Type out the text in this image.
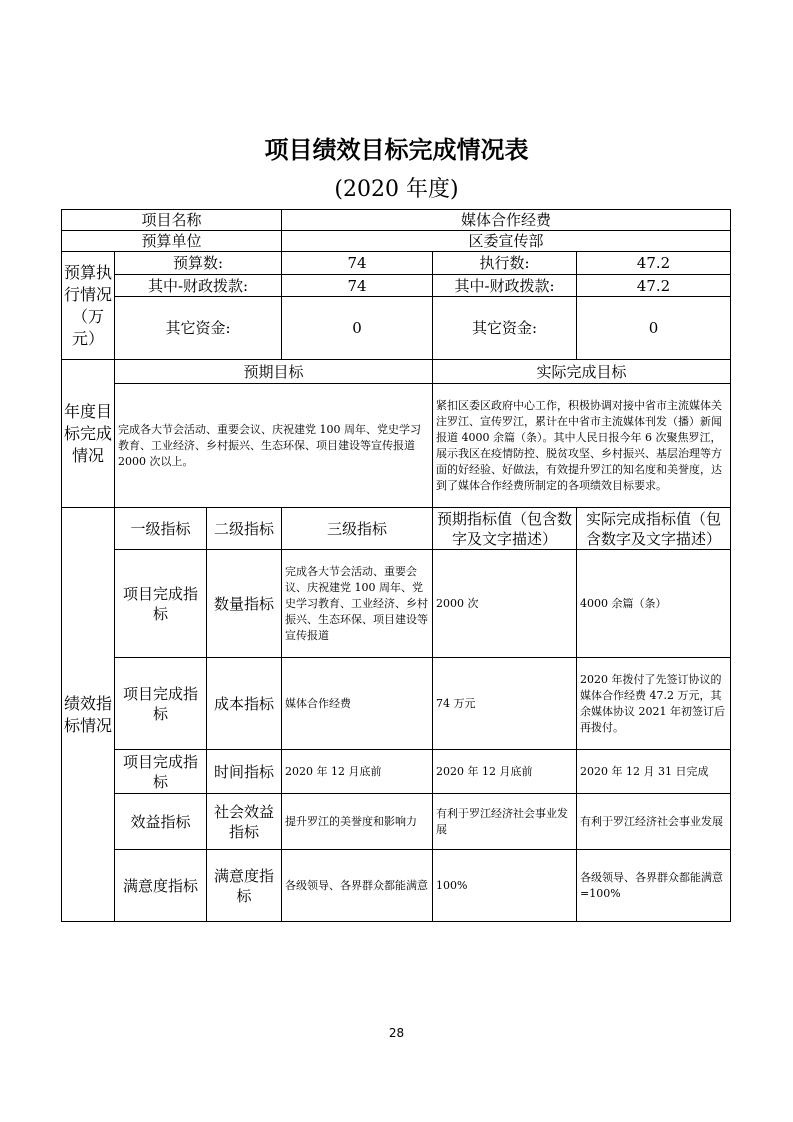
项目绩效目标完成情况表
(2020 年度)
项目名称			媒体合作经费		
预算单位			区委宣传部		
预算执行情况（万元）	预算数:		74	执行数:	47.2
	其中-财政拨款:		74	其中-财政拨款:	47.2
	其它资金:		0	其它资金:	0
年度目标完成情况	预期目标			实际完成目标	
	完成各大节会活动、重要会议、庆祝建党 100 周年、党史学习教育、工业经济、乡村振兴、生态环保、项目建设等宣传报道 2000 次以上。			紧扣区委区政府中心工作，积极协调对接中省市主流媒体关注罗江、宣传罗江，累计在中省市主流媒体刊发（播）新闻报道 4000 余篇（条）。其中人民日报今年 6 次聚焦罗江，展示我区在疫情防控、脱贫攻坚、乡村振兴、基层治理等方面的好经验、好做法，有效提升罗江的知名度和美誉度，达到了媒体合作经费所制定的各项绩效目标要求。	
绩效指标情况	一级指标	二级指标	三级指标	预期指标值（包含数字及文字描述）	实际完成指标值（包含数字及文字描述）
	项目完成指标	数量指标	完成各大节会活动、重要会议、庆祝建党 100 周年、党史学习教育、工业经济、乡村振兴、生态环保、项目建设等宣传报道	2000 次	4000 余篇（条）
	项目完成指标	成本指标	媒体合作经费	74 万元	2020 年拨付了先签订协议的媒体合作经费 47.2 万元，其余媒体协议 2021 年初签订后再拨付。
	项目完成指标	时间指标	2020 年 12 月底前	2020 年 12 月底前	2020 年 12 月 31 日完成
	效益指标	社会效益指标	提升罗江的美誉度和影响力	有利于罗江经济社会事业发展	有利于罗江经济社会事业发展
	满意度指标	满意度指标	各级领导、各界群众都能满意	100%	各级领导、各界群众都能满意=100%
28
